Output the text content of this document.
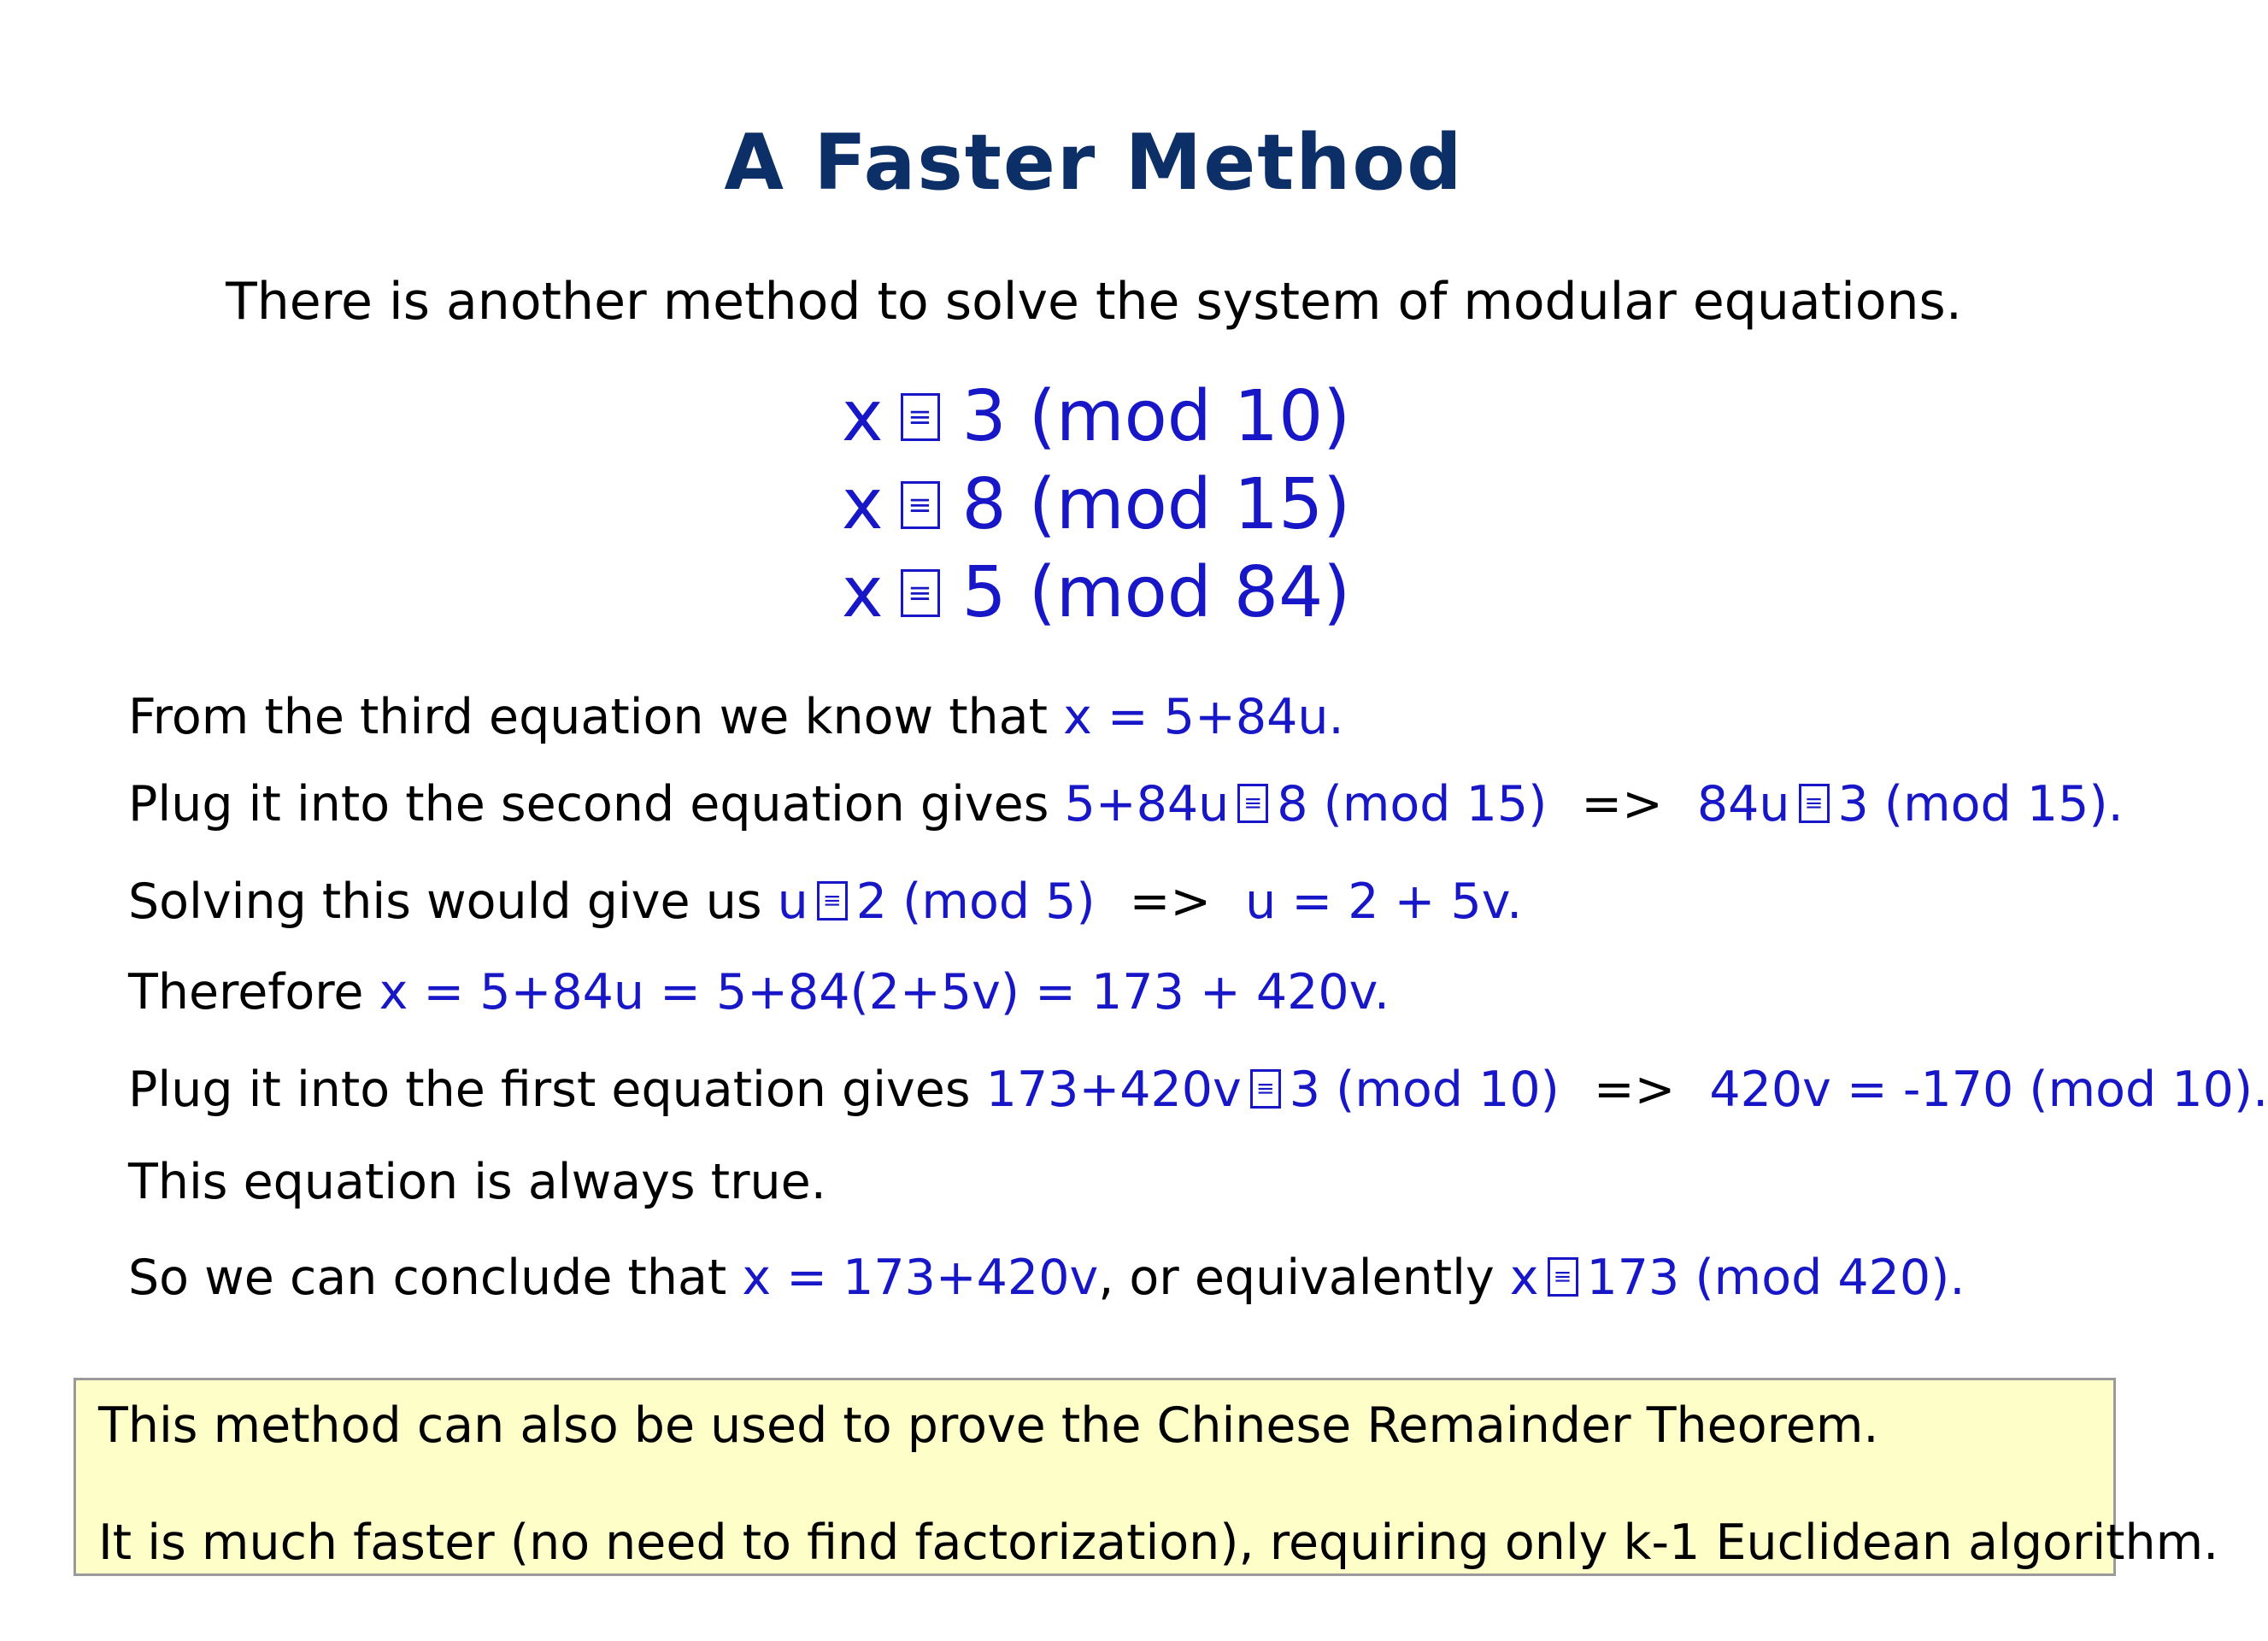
A Faster Method
There is another method to solve the system of modular equations.
x ≡ 3 (mod 10)
x ≡ 8 (mod 15)
x ≡ 5 (mod 84)
From the third equation we know that x = 5+84u.
Plug it into the second equation gives 5+84u ≡ 8 (mod 15) => 84u ≡ 3 (mod 15).
Solving this would give us u ≡ 2 (mod 5) => u = 2 + 5v.
Therefore x = 5+84u = 5+84(2+5v) = 173 + 420v.
Plug it into the first equation gives 173+420v ≡ 3 (mod 10) => 420v = -170 (mod 10).
This equation is always true.
So we can conclude that x = 173+420v, or equivalently x ≡ 173 (mod 420).
This method can also be used to prove the Chinese Remainder Theorem.
It is much faster (no need to find factorization), requiring only k-1 Euclidean algorithm.
